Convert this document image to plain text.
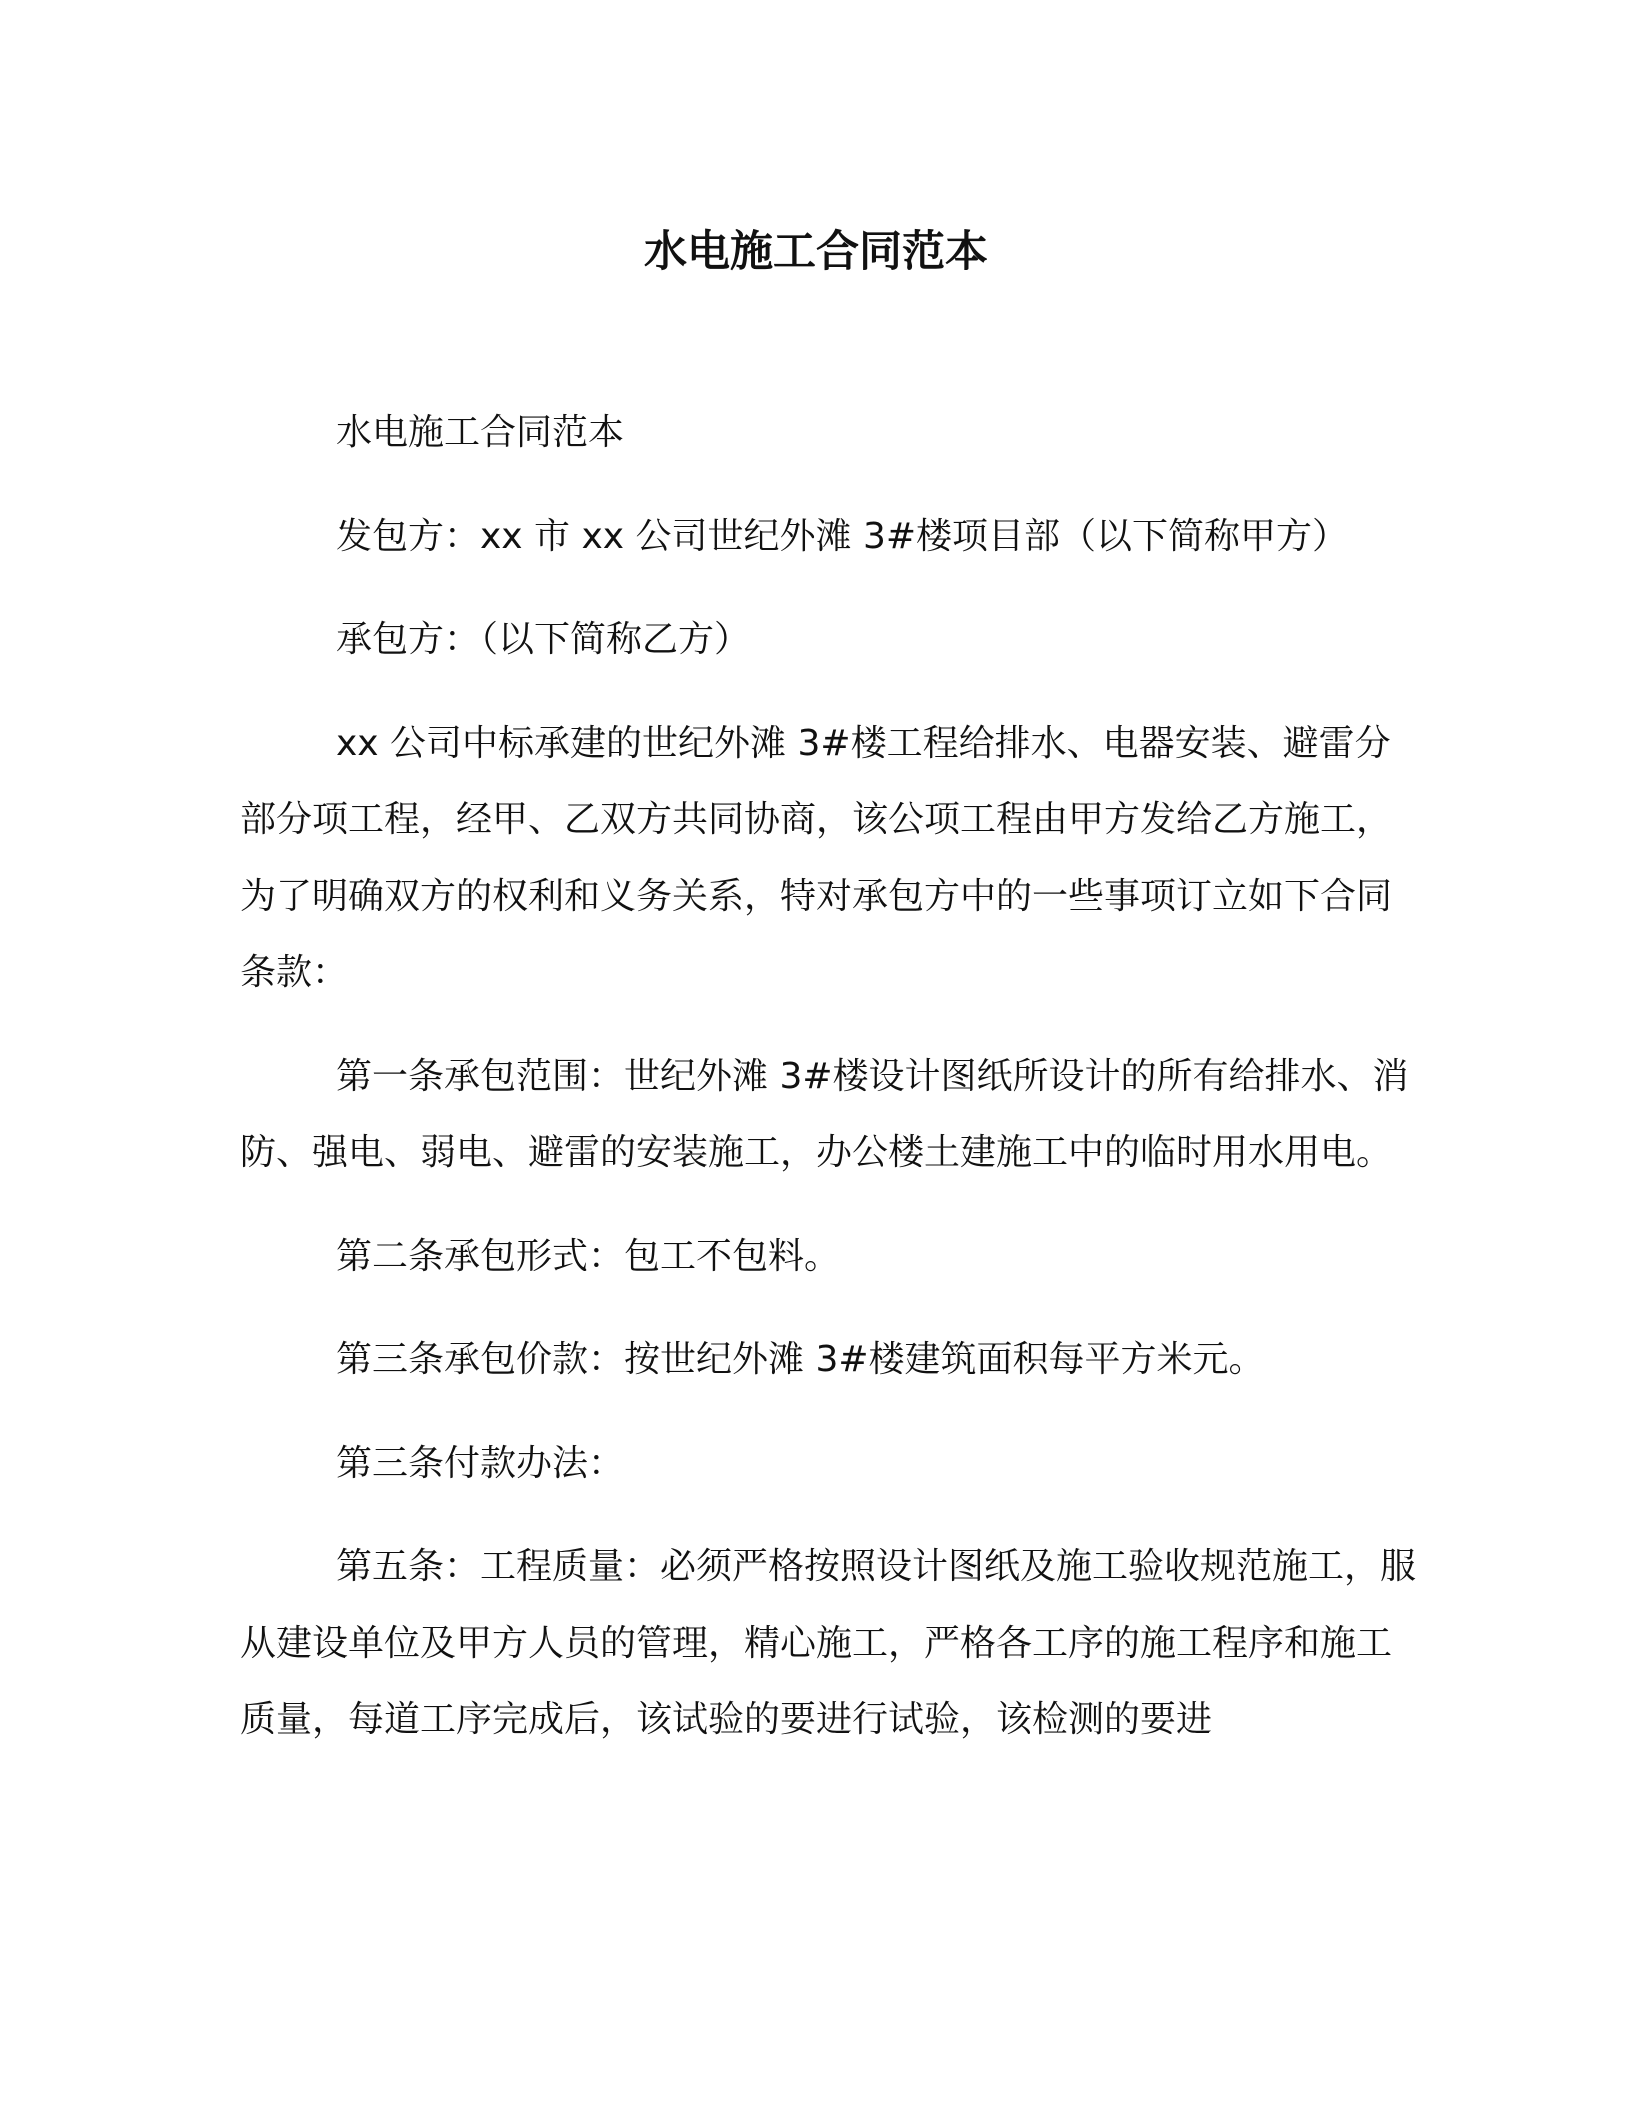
水电施工合同范本

水电施工合同范本

发包方：xx 市 xx 公司世纪外滩 3#楼项目部（以下简称甲方）

承包方：（以下简称乙方）

xx 公司中标承建的世纪外滩 3#楼工程给排水、电器安装、避雷分部分项工程，经甲、乙双方共同协商，该公项工程由甲方发给乙方施工，为了明确双方的权利和义务关系，特对承包方中的一些事项订立如下合同条款：

第一条承包范围：世纪外滩 3#楼设计图纸所设计的所有给排水、消防、强电、弱电、避雷的安装施工，办公楼土建施工中的临时用水用电。

第二条承包形式：包工不包料。

第三条承包价款：按世纪外滩 3#楼建筑面积每平方米元。

第三条付款办法：

第五条：工程质量：必须严格按照设计图纸及施工验收规范施工，服从建设单位及甲方人员的管理，精心施工，严格各工序的施工程序和施工质量，每道工序完成后，该试验的要进行试验，该检测的要进
